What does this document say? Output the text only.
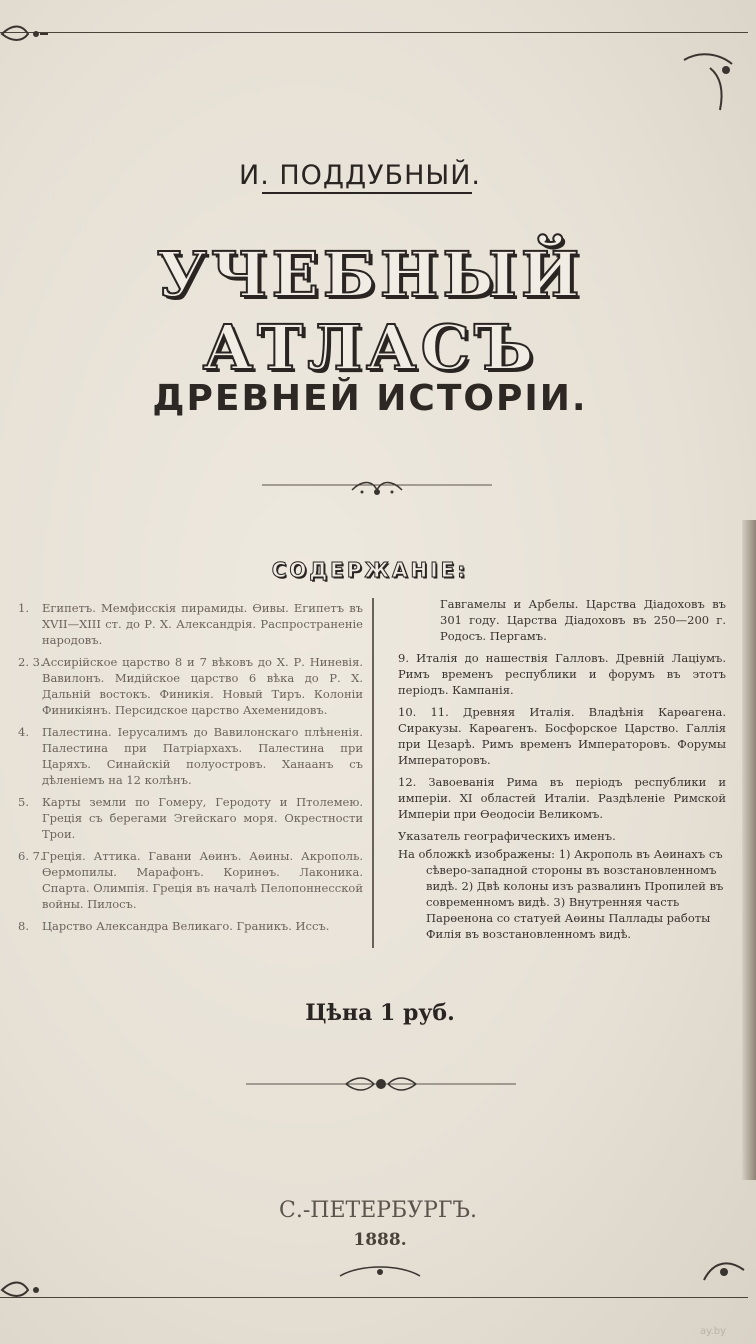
И. ПОДДУБНЫЙ.
УЧЕБНЫЙ АТЛАСЪ
ДРЕВНЕЙ ИСТОРІИ.
СОДЕРЖАНІЕ:
1. Египетъ. Мемфисскія пирамиды. Өивы. Египетъ въ XVII—XIII ст. до Р. Х. Александрія. Распространеніе народовъ.
2. 3.
Ассирійское царство 8 и 7 вѣковъ до Х. Р. Ниневія. Вавилонъ. Мидійское царство 6 вѣка до Р. Х. Дальній востокъ. Финикія. Новый Тиръ. Колоніи Финикіянъ. Персидское царство Ахеменидовъ.
4. Палестина. Іерусалимъ до Вавилонскаго плѣненія. Палестина при Патріархахъ. Палестина при Царяхъ. Синайскій полуостровъ. Ханаанъ съ дѣленіемъ на 12 колѣнъ.
5. Карты земли по Гомеру, Геродоту и Птолемею. Греція съ берегами Эгейскаго моря. Окрестности Трои.
6. 7.
Греція. Аттика. Гавани Аөинъ. Аөины. Акрополь. Өермопилы. Марафонъ. Коринөъ. Лаконика. Спарта. Олимпія. Греція въ началѣ Пелопоннесской войны. Пилосъ.
8. Царство Александра Великаго. Граникъ. Иссъ.
Гавгамелы и Арбелы. Царства Діадоховъ въ 301 году. Царства Діадоховъ въ 250—200 г. Родосъ. Пергамъ.
9. Италія до нашествія Галловъ. Древній Лаціумъ. Римъ временъ республики и форумъ въ этотъ періодъ. Кампанія.
10. 11. Древняя Италія. Владѣнія Карөагена. Сиракузы. Карөагенъ. Босфорское Царство. Галлія при Цезарѣ. Римъ временъ Императоровъ. Форумы Императоровъ.
12. Завоеванія Рима въ періодъ республики и имперіи. XI областей Италіи. Раздѣленіе Римской Имперіи при Өеодосіи Великомъ.
Указатель географическихъ именъ.
На обложкѣ изображены: 1) Акрополь въ Аөинахъ съ сѣверо-западной стороны въ возстановленномъ видѣ. 2) Двѣ колоны изъ развалинъ Пропилей въ современномъ видѣ. 3) Внутренняя часть Парөенона со статуей Аөины Паллады работы Филія въ возстановленномъ видѣ.
Цѣна 1 руб.
С.-ПЕТЕРБУРГЪ.
1888.
ay.by
